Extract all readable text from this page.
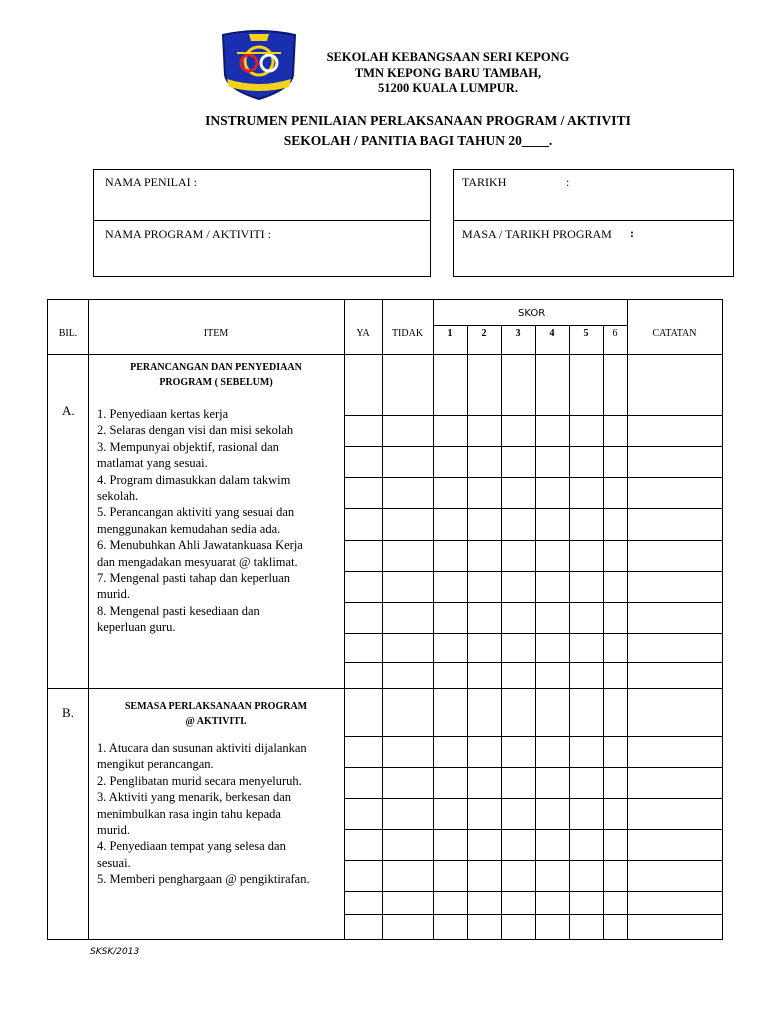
SEKOLAH KEBANGSAAN SERI KEPONG
TMN KEPONG BARU TAMBAH,
51200 KUALA LUMPUR.
INSTRUMEN PENILAIAN PERLAKSANAAN PROGRAM / AKTIVITI
SEKOLAH / PANITIA BAGI TAHUN 20____.
NAMA PENILAI :
NAMA PROGRAM / AKTIVITI :
TARIKH	:
MASA / TARIKH PROGRAM :
BIL.	ITEM	YA	TIDAK
SKOR
1	2	3	4	5	6	CATATAN
A.
PERANCANGAN DAN PENYEDIAAN
PROGRAM ( SEBELUM)
1. Penyediaan kertas kerja
2. Selaras dengan visi dan misi sekolah
3. Mempunyai objektif, rasional dan
matlamat yang sesuai.
4. Program dimasukkan dalam takwim
sekolah.
5. Perancangan aktiviti yang sesuai dan
menggunakan kemudahan sedia ada.
6. Menubuhkan Ahli Jawatankuasa Kerja
dan mengadakan mesyuarat @ taklimat.
7. Mengenal pasti tahap dan keperluan
murid.
8. Mengenal pasti kesediaan dan
keperluan guru.
B.	SEMASA PERLAKSANAAN PROGRAM
@ AKTIVITI.
1. Atucara dan susunan aktiviti dijalankan
mengikut perancangan.
2. Penglibatan murid secara menyeluruh.
3. Aktiviti yang menarik, berkesan dan
menimbulkan rasa ingin tahu kepada
murid.
4. Penyediaan tempat yang selesa dan
sesuai.
5. Memberi penghargaan @ pengiktirafan.
SKSK/2013
